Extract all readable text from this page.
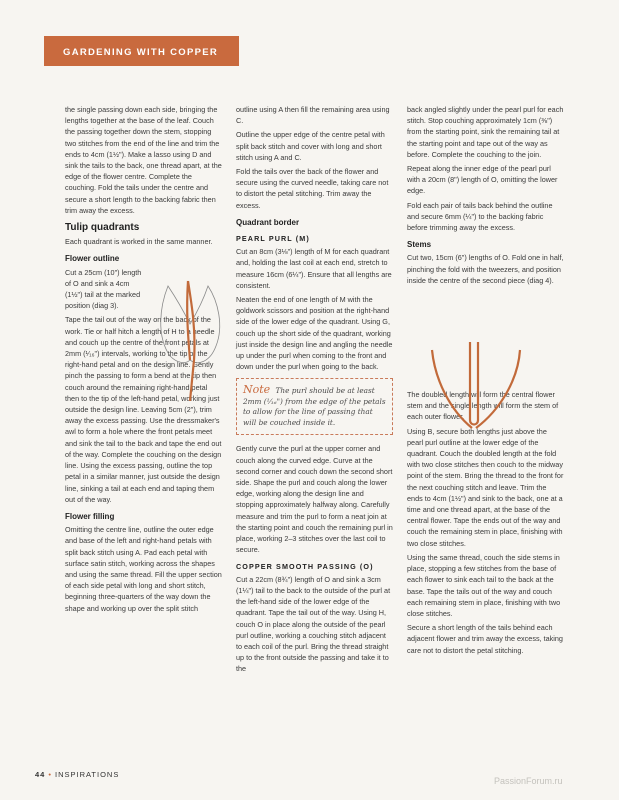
GARDENING WITH COPPER

the single passing down each side, bringing the lengths together at the base of the leaf. Couch the passing together down the stem, stopping two stitches from the end of the line and trim the ends to 4cm (1½"). Make a lasso using D and sink the tails to the back, one thread apart, at the edge of the flower centre. Complete the couching. Fold the tails under the centre and secure a short length to the backing fabric then trim away the excess.

Tulip quadrants

Each quadrant is worked in the same manner.

Flower outline

Cut a 25cm (10") length of O and sink a 4cm (1½") tail at the marked position (diag 3).

Tape the tail out of the way on the back of the work. Tie or half hitch a length of H to a needle and couch up the centre of the front petals at 2mm (¹⁄₁₆") intervals, working to the tip of the right-hand petal and on the design line. Gently pinch the passing to form a bend at the tip then couch around the remaining right-hand petal then to the tip of the left-hand petal, working just outside the design line. Leaving 5cm (2"), trim away the excess passing. Use the dressmaker's awl to form a hole where the front petals meet and sink the tail to the back and tape the end out of the way. Complete the couching on the design line. Using the excess passing, outline the top petal in a similar manner, just outside the design line, sinking a tail at each end and taping them out of the way.

Flower filling

Omitting the centre line, outline the outer edge and base of the left and right-hand petals with split back stitch using A. Pad each petal with surface satin stitch, working across the shapes and using the same thread. Fill the upper section of each side petal with long and short stitch, beginning three-quarters of the way down the shape and working up over the split stitch

outline using A then fill the remaining area using C.

Outline the upper edge of the centre petal with split back stitch and cover with long and short stitch using A and C.

Fold the tails over the back of the flower and secure using the curved needle, taking care not to distort the petal stitching. Trim away the excess.

Quadrant border
PEARL PURL (M)

Cut an 8cm (3⅛") length of M for each quadrant and, holding the last coil at each end, stretch to measure 16cm (6¼"). Ensure that all lengths are consistent.

Neaten the end of one length of M with the goldwork scissors and position at the right-hand side of the lower edge of the quadrant. Using G, couch up the short side of the quadrant, working just inside the design line and angling the needle up under the purl when coming to the front and down under the purl when going to the back.

Note The purl should be at least 2mm (¹⁄₁₆") from the edge of the petals to allow for the line of passing that will be couched inside it.

Gently curve the purl at the upper corner and couch along the curved edge. Curve at the second corner and couch down the second short side. Shape the purl and couch along the lower edge, working along the design line and stopping approximately halfway along. Carefully measure and trim the purl to form a neat join at the starting point and couch the remaining purl in place, working 2–3 stitches over the last coil to secure.

COPPER SMOOTH PASSING (O)

Cut a 22cm (8¾") length of O and sink a 3cm (1¼") tail to the back to the outside of the purl at the left-hand side of the lower edge of the quadrant. Tape the tail out of the way. Using H, couch O in place along the outside of the pearl purl outline, working a couching stitch adjacent to each coil of the purl. Bring the thread straight up to the front outside the passing and take it to the

back angled slightly under the pearl purl for each stitch. Stop couching approximately 1cm (⅜") from the starting point, sink the remaining tail at the starting point and tape out of the way as before. Complete the couching to the join.

Repeat along the inner edge of the pearl purl with a 20cm (8") length of O, omitting the lower edge.

Fold each pair of tails back behind the outline and secure 6mm (¼") to the backing fabric before trimming away the excess.

Stems

Cut two, 15cm (6") lengths of O. Fold one in half, pinching the fold with the tweezers, and position inside the centre of the second piece (diag 4).

The doubled length will form the central flower stem and the single length will form the stem of each outer flower.

Using B, secure both lengths just above the pearl purl outline at the lower edge of the quadrant. Couch the doubled length at the fold with two close stitches then couch to the midway point of the stem. Bring the thread to the front for the next couching stitch and leave. Trim the ends to 4cm (1½") and sink to the back, one at a time and one thread apart, at the base of the central flower. Tape the ends out of the way and couch the remaining stem in place, finishing with two close stitches.

Using the same thread, couch the side stems in place, stopping a few stitches from the base of each flower to sink each tail to the back at the base. Tape the tails out of the way and couch each remaining stem in place, finishing with two close stitches.

Secure a short length of the tails behind each adjacent flower and trim away the excess, taking care not to distort the petal stitching.

44 • INSPIRATIONS
PassionForum.ru
